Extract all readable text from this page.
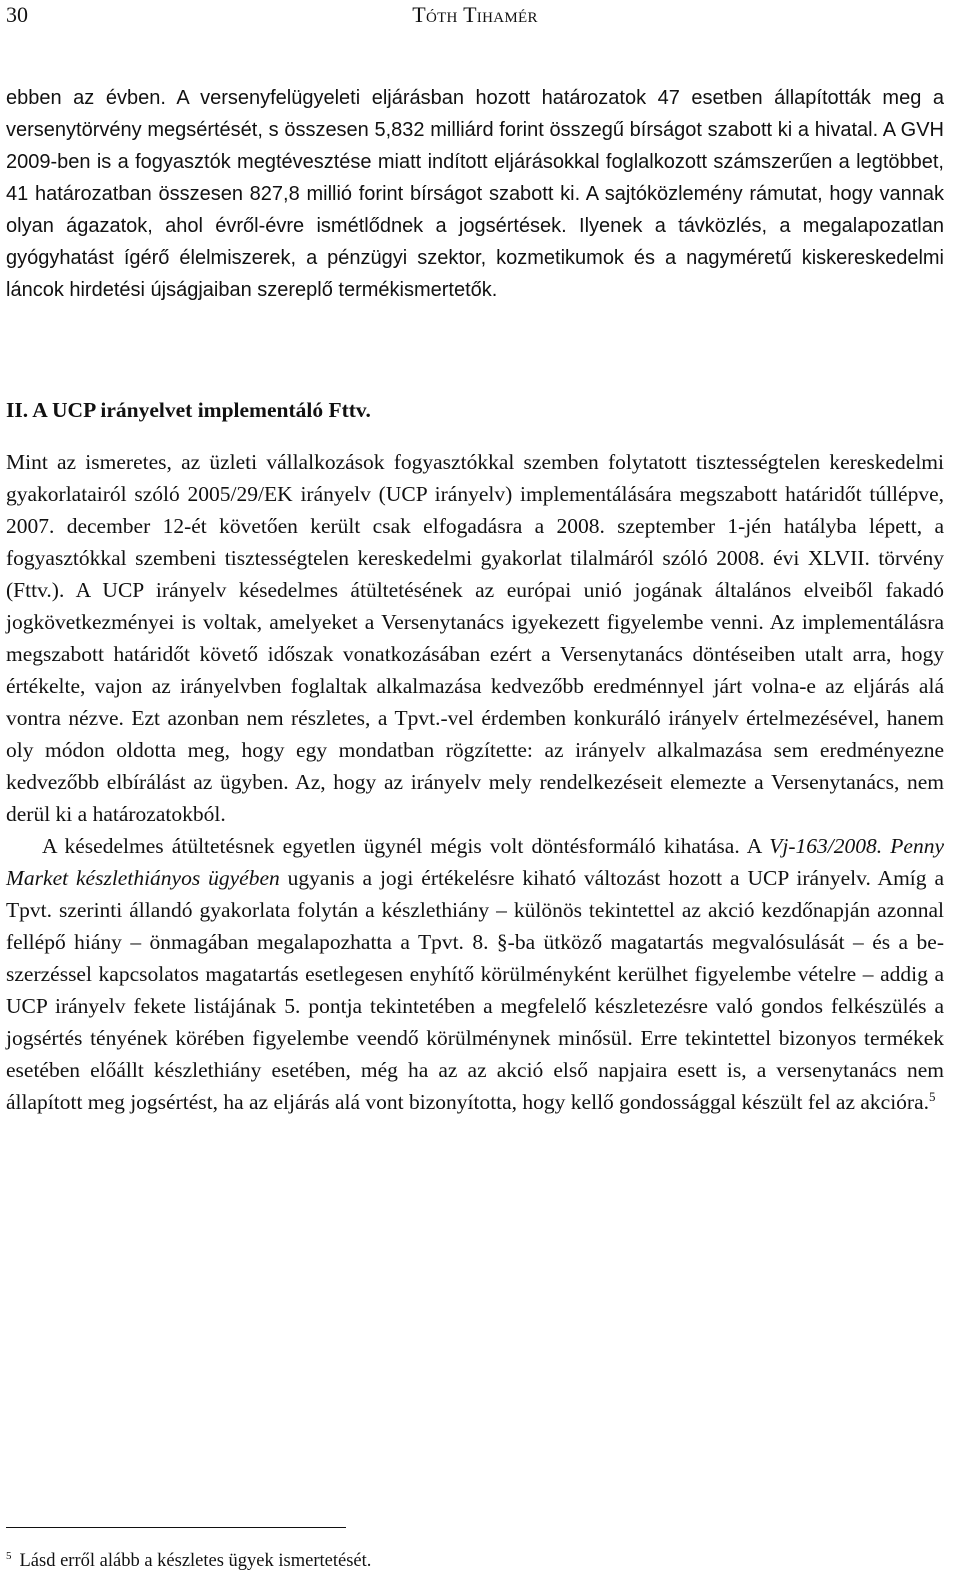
30	Tóth Tihamér

ebben az évben. A versenyfelügyeleti eljárásban hozott határozatok 47 esetben állapították meg a versenytörvény megsértését, s összesen 5,832 milliárd forint összegű bírságot szabott ki a hivatal. A GVH 2009-ben is a fogyasztók megtévesztése miatt indított eljárásokkal foglalkozott számszerűen a legtöbbet, 41 határozatban összesen 827,8 millió forint bírságot szabott ki. A sajtóközlemény rámutat, hogy vannak olyan ágazatok, ahol évről-évre ismétlődnek a jogsértések. Ilyenek a távközlés, a megalapozatlan gyógyhatást ígérő élelmiszerek, a pénzügyi szektor, kozmetikumok és a nagyméretű kiskereskedelmi láncok hirdetési újságjaiban szereplő termékismertetők.

II. A UCP irányelvet implementáló Fttv.

Mint az ismeretes, az üzleti vállalkozások fogyasztókkal szemben folytatott tisztességtelen kereskedelmi gyakorlatairól szóló 2005/29/EK irányelv (UCP irányelv) implementálására megszabott határidőt túllépve, 2007. december 12-ét követően került csak elfogadásra a 2008. szeptember 1-jén hatályba lépett, a fogyasztókkal szembeni tisztességtelen kereskedelmi gyakorlat tilalmáról szóló 2008. évi XLVII. törvény (Fttv.). A UCP irányelv késedelmes átültetésének az európai unió jogának általános elveiből fakadó jogkövetkezményei is voltak, amelyeket a Versenytanács igyekezett figyelembe venni. Az implementálásra megszabott határidőt követő időszak vonatkozásában ezért a Versenytanács döntéseiben utalt arra, hogy értékelte, vajon az irányelvben foglaltak alkalmazása kedvezőbb eredménnyel járt volna-e az eljárás alá vontra nézve. Ezt azonban nem részletes, a Tpvt.-vel érdemben konkuráló irányelv értelmezésével, hanem oly módon oldotta meg, hogy egy mondatban rögzítette: az irányelv alkalmazása sem eredményezne kedvezőbb elbírálást az ügyben. Az, hogy az irányelv mely rendelkezéseit elemezte a Versenytanács, nem derül ki a határozatokból.

A késedelmes átültetésnek egyetlen ügynél mégis volt döntésformáló kihatása. A Vj-163/2008. Penny Market készlethiányos ügyében ugyanis a jogi értékelésre kiható változást hozott a UCP irányelv. Amíg a Tpvt. szerinti állandó gyakorlata folytán a készlethiány – különös tekintettel az akció kezdőnapján azonnal fellépő hiány – önmagában megalapozhatta a Tpvt. 8. §-ba ütköző magatartás megvalósulását – és a beszerzéssel kapcsolatos magatartás esetlegesen enyhítő körülményként kerülhet figyelembe vételre – addig a UCP irányelv fekete listájának 5. pontja tekintetében a megfelelő készletezésre való gondos felkészülés a jogsértés tényének körében figyelembe veendő körülménynek minősül. Erre tekintettel bizonyos termékek esetében előállt készlethiány esetében, még ha az az akció első napjaira esett is, a versenytanács nem állapított meg jogsértést, ha az eljárás alá vont bizonyította, hogy kellő gondossággal készült fel az akcióra.$^5$

$^5$ Lásd erről alább a készletes ügyek ismertetését.
